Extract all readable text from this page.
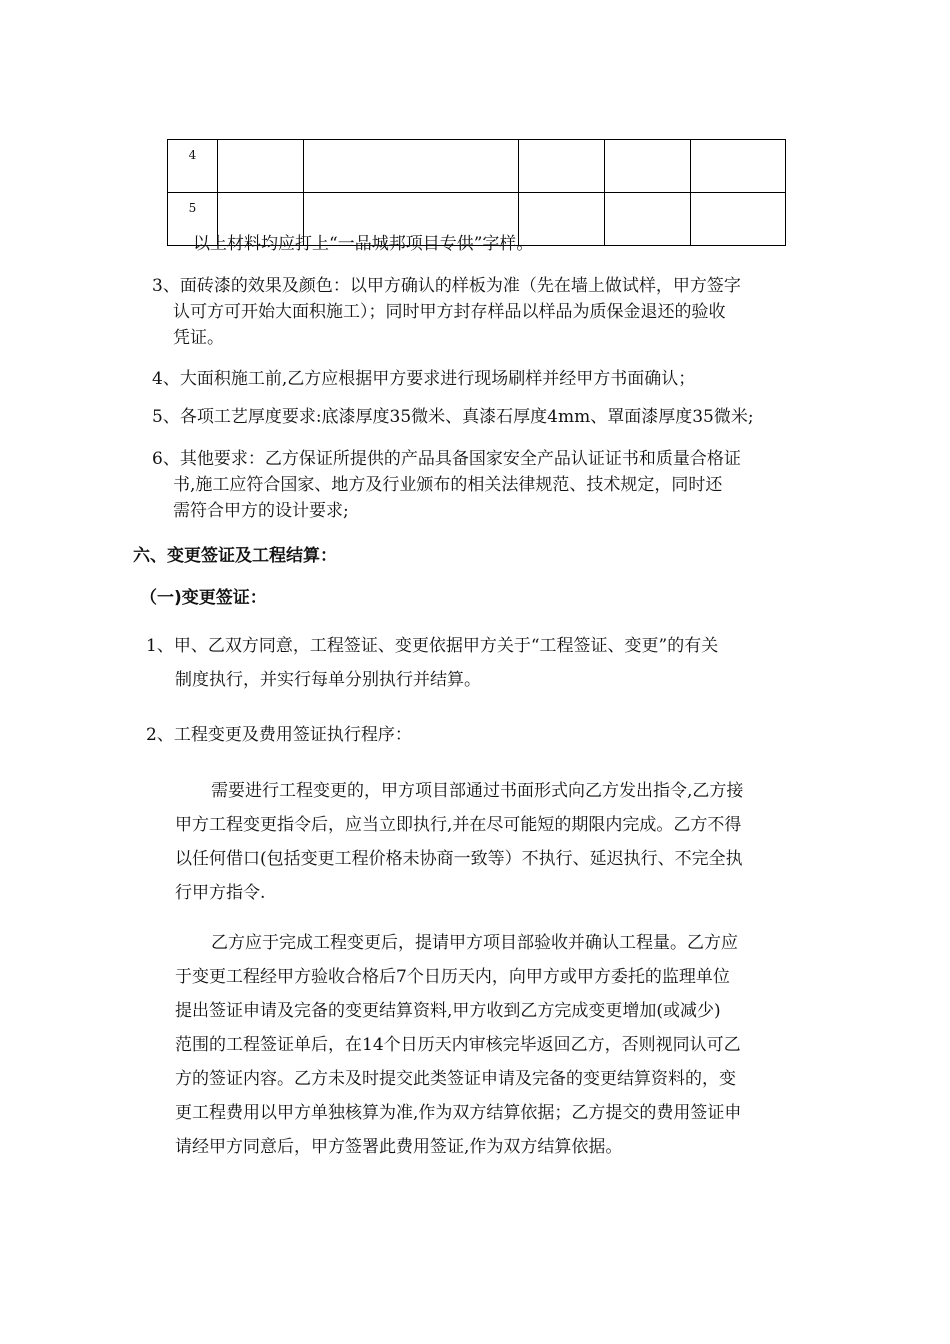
4					
5					
以上材料均应打上“一品城邦项目专供”字样。
3、面砖漆的效果及颜色：以甲方确认的样板为准（先在墙上做试样，甲方签字
认可方可开始大面积施工）；同时甲方封存样品以样品为质保金退还的验收
凭证。
4、大面积施工前,乙方应根据甲方要求进行现场刷样并经甲方书面确认；
5、各项工艺厚度要求:底漆厚度35微米、真漆石厚度4mm、罩面漆厚度35微米;
6、其他要求：乙方保证所提供的产品具备国家安全产品认证证书和质量合格证
书,施工应符合国家、地方及行业颁布的相关法律规范、技术规定，同时还
需符合甲方的设计要求;
六、变更签证及工程结算：
（一)变更签证：
1、甲、乙双方同意，工程签证、变更依据甲方关于“工程签证、变更”的有关
制度执行，并实行每单分别执行并结算。
2、工程变更及费用签证执行程序：
需要进行工程变更的，甲方项目部通过书面形式向乙方发出指令,乙方接
甲方工程变更指令后，应当立即执行,并在尽可能短的期限内完成。乙方不得
以任何借口(包括变更工程价格未协商一致等）不执行、延迟执行、不完全执
行甲方指令.
乙方应于完成工程变更后，提请甲方项目部验收并确认工程量。乙方应
于变更工程经甲方验收合格后7个日历天内，向甲方或甲方委托的监理单位
提出签证申请及完备的变更结算资料,甲方收到乙方完成变更增加(或减少)
范围的工程签证单后，在14个日历天内审核完毕返回乙方，否则视同认可乙
方的签证内容。乙方未及时提交此类签证申请及完备的变更结算资料的，变
更工程费用以甲方单独核算为准,作为双方结算依据；乙方提交的费用签证申
请经甲方同意后，甲方签署此费用签证,作为双方结算依据。
